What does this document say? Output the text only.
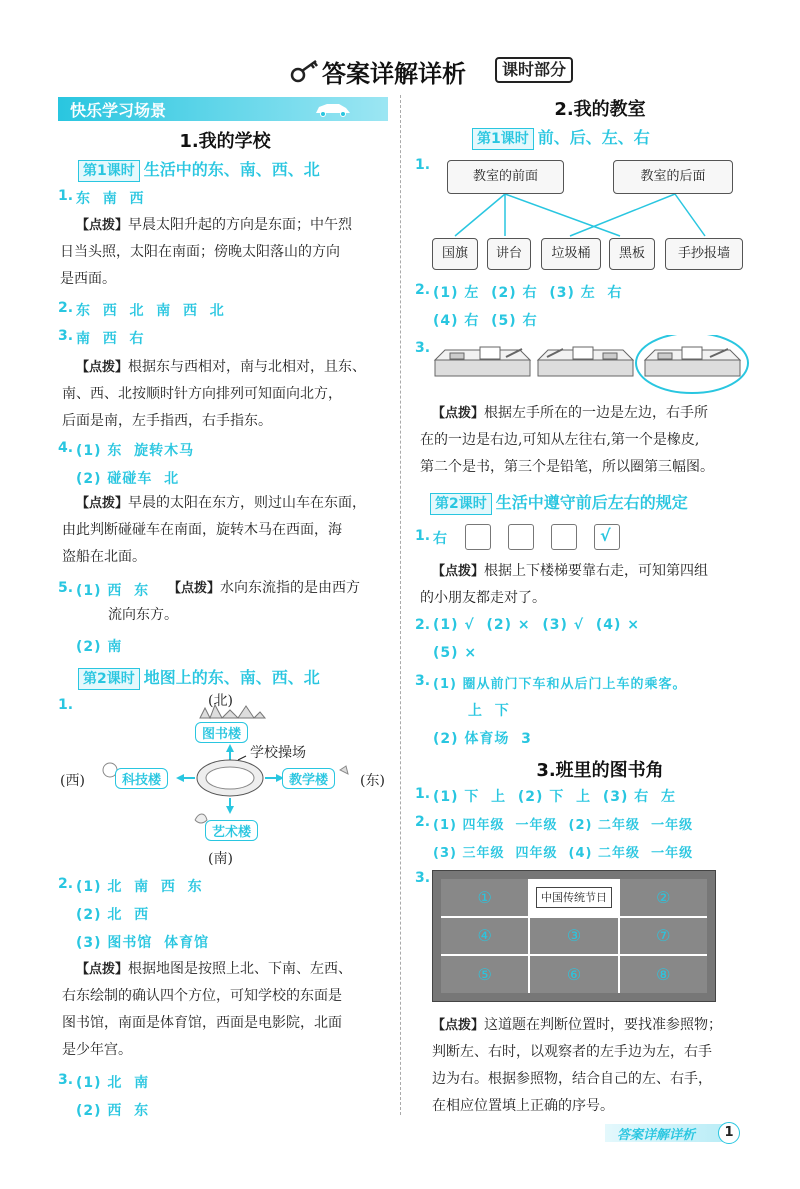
答案详解详析	课时部分
快乐学习场景
1.我的学校
第1课时 生活中的东、南、西、北
1. 东  南  西
【点拨】早晨太阳升起的方向是东面；中午烈
日当头照，太阳在南面；傍晚太阳落山的方向
是西面。
2. 东  西  北  南  西  北
3. 南  西  右
【点拨】根据东与西相对，南与北相对，且东、
南、西、北按顺时针方向排列可知面向北方，
后面是南，左手指西，右手指东。
4. (1) 东  旋转木马
(2) 碰碰车  北
【点拨】早晨的太阳在东方，则过山车在东面，
由此判断碰碰车在南面，旋转木马在西面，海
盗船在北面。
5. (1) 西  东 【点拨】水向东流指的是由西方
流向东方。
(2) 南
第2课时 地图上的东、南、西、北
1.	(北)
图书楼
学校操场
(西)	科技楼	教学楼	(东)
艺术楼
(南)
2. (1) 北  南  西  东
(2) 北  西
(3) 图书馆  体育馆
【点拨】根据地图是按照上北、下南、左西、
右东绘制的确认四个方位，可知学校的东面是
图书馆，南面是体育馆，西面是电影院，北面
是少年宫。
3. (1) 北  南
(2) 西  东
2.我的教室
第1课时 前、后、左、右
1.
教室的前面	教室的后面
国旗	讲台	垃圾桶	黑板	手抄报墙
2. (1) 左  (2) 右  (3) 左  右
(4) 右  (5) 右
3.
【点拨】根据左手所在的一边是左边，右手所
在的一边是右边,可知从左往右,第一个是橡皮,
第二个是书，第三个是铅笔，所以圈第三幅图。
第2课时 生活中遵守前后左右的规定
1. 右	√
【点拨】根据上下楼梯要靠右走，可知第四组
的小朋友都走对了。
2. (1) √  (2) ×  (3) √  (4) ×
(5) ×
3. (1) 圈从前门下车和从后门上车的乘客。
上  下
(2) 体育场  3
3.班里的图书角
1. (1) 下  上  (2) 下  上  (3) 右  左
2. (1) 四年级  一年级  (2) 二年级  一年级
(3) 三年级  四年级  (4) 二年级  一年级
3.
①	中国传统节日	②
④	③	⑦
⑤	⑥	⑧
【点拨】这道题在判断位置时，要找准参照物；
判断左、右时，以观察者的左手边为左，右手
边为右。根据参照物，结合自己的左、右手，
在相应位置填上正确的序号。
答案详解详析	1
